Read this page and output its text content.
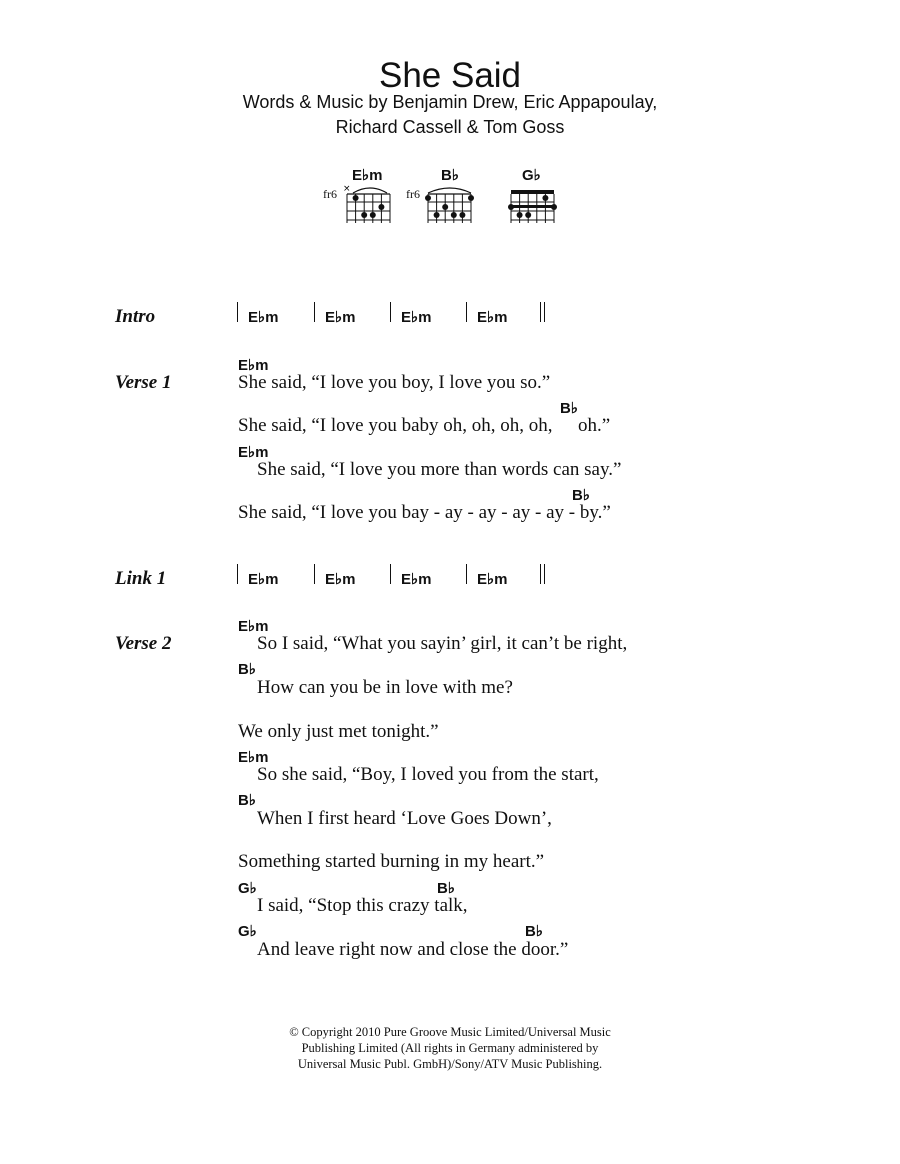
She Said
Words & Music by Benjamin Drew, Eric Appapoulay,
Richard Cassell & Tom Goss
E♭m
fr6 ×
B♭
fr6
G♭
Intro	E♭m	E♭m	E♭m	E♭m
Verse 1
E♭m
She said, “I love you boy, I love you so.”
B♭
She said, “I love you baby oh, oh, oh, oh, oh.”
E♭m
She said, “I love you more than words can say.”
B♭
She said, “I love you bay - ay - ay - ay - ay - by.”
Link 1	E♭m	E♭m	E♭m	E♭m
Verse 2
E♭m
So I said, “What you sayin’ girl, it can’t be right,
B♭
How can you be in love with me?
We only just met tonight.”
E♭m
So she said, “Boy, I loved you from the start,
B♭
When I first heard ‘Love Goes Down’,
Something started burning in my heart.”
G♭	B♭
I said, “Stop this crazy talk,
G♭	B♭
And leave right now and close the door.”
© Copyright 2010 Pure Groove Music Limited/Universal Music
Publishing Limited (All rights in Germany administered by
Universal Music Publ. GmbH)/Sony/ATV Music Publishing.
